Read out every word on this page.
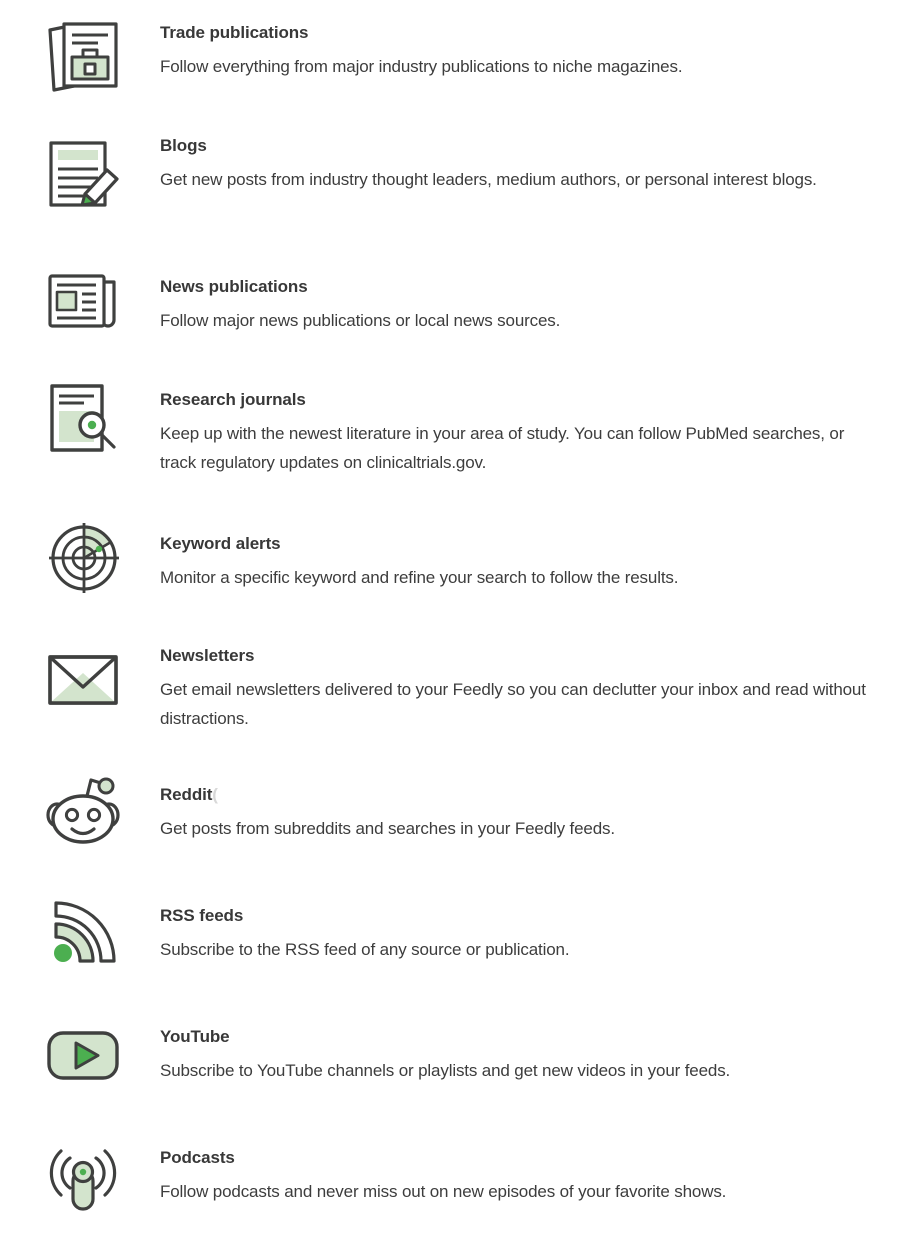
Trade publications
Follow everything from major industry publications to niche magazines.
Blogs
Get new posts from industry thought leaders, medium authors, or personal interest blogs.
News publications
Follow major news publications or local news sources.
Research journals
Keep up with the newest literature in your area of study. You can follow PubMed searches, or track regulatory updates on clinicaltrials.gov.
Keyword alerts
Monitor a specific keyword and refine your search to follow the results.
Newsletters
Get email newsletters delivered to your Feedly so you can declutter your inbox and read without distractions.
Reddit(
Get posts from subreddits and searches in your Feedly feeds.
RSS feeds
Subscribe to the RSS feed of any source or publication.
YouTube
Subscribe to YouTube channels or playlists and get new videos in your feeds.
Podcasts
Follow podcasts and never miss out on new episodes of your favorite shows.
